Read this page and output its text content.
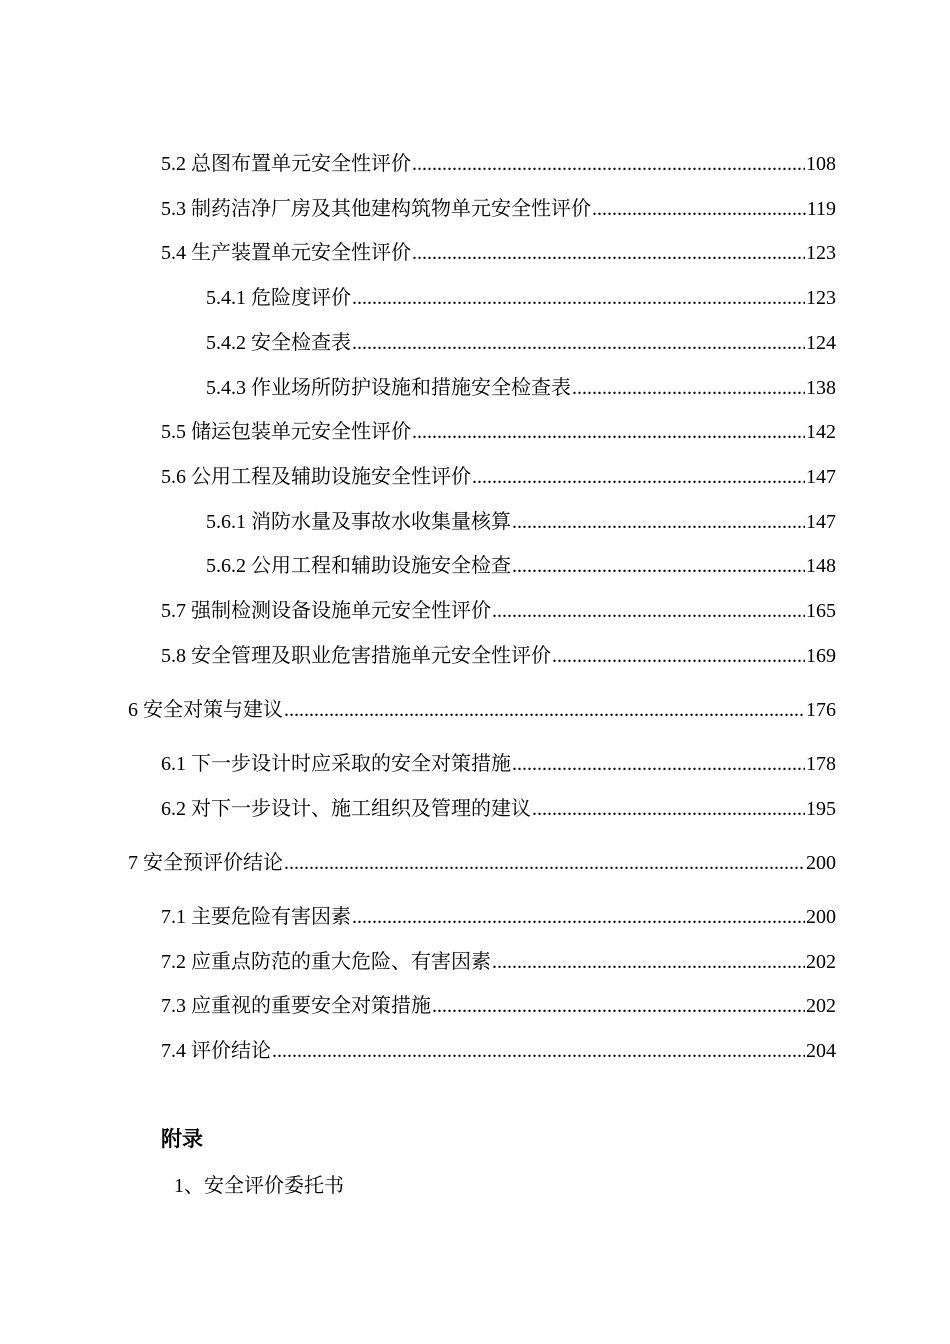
5.2 总图布置单元安全性评价 .....	108
5.3 制药洁净厂房及其他建构筑物单元安全性评价 .....	119
5.4 生产装置单元安全性评价 .....	123
5.4.1 危险度评价 .....	123
5.4.2 安全检查表 .....	124
5.4.3 作业场所防护设施和措施安全检查表 .....	138
5.5 储运包装单元安全性评价 .....	142
5.6 公用工程及辅助设施安全性评价 .....	147
5.6.1 消防水量及事故水收集量核算 .....	147
5.6.2 公用工程和辅助设施安全检查 .....	148
5.7 强制检测设备设施单元安全性评价 .....	165
5.8 安全管理及职业危害措施单元安全性评价 .....	169
6 安全对策与建议 .....	176
6.1 下一步设计时应采取的安全对策措施 .....	178
6.2 对下一步设计、施工组织及管理的建议 .....	195
7 安全预评价结论 .....	200
7.1 主要危险有害因素 .....	200
7.2 应重点防范的重大危险、有害因素 .....	202
7.3 应重视的重要安全对策措施 .....	202
7.4 评价结论 .....	204
附录
1、安全评价委托书
